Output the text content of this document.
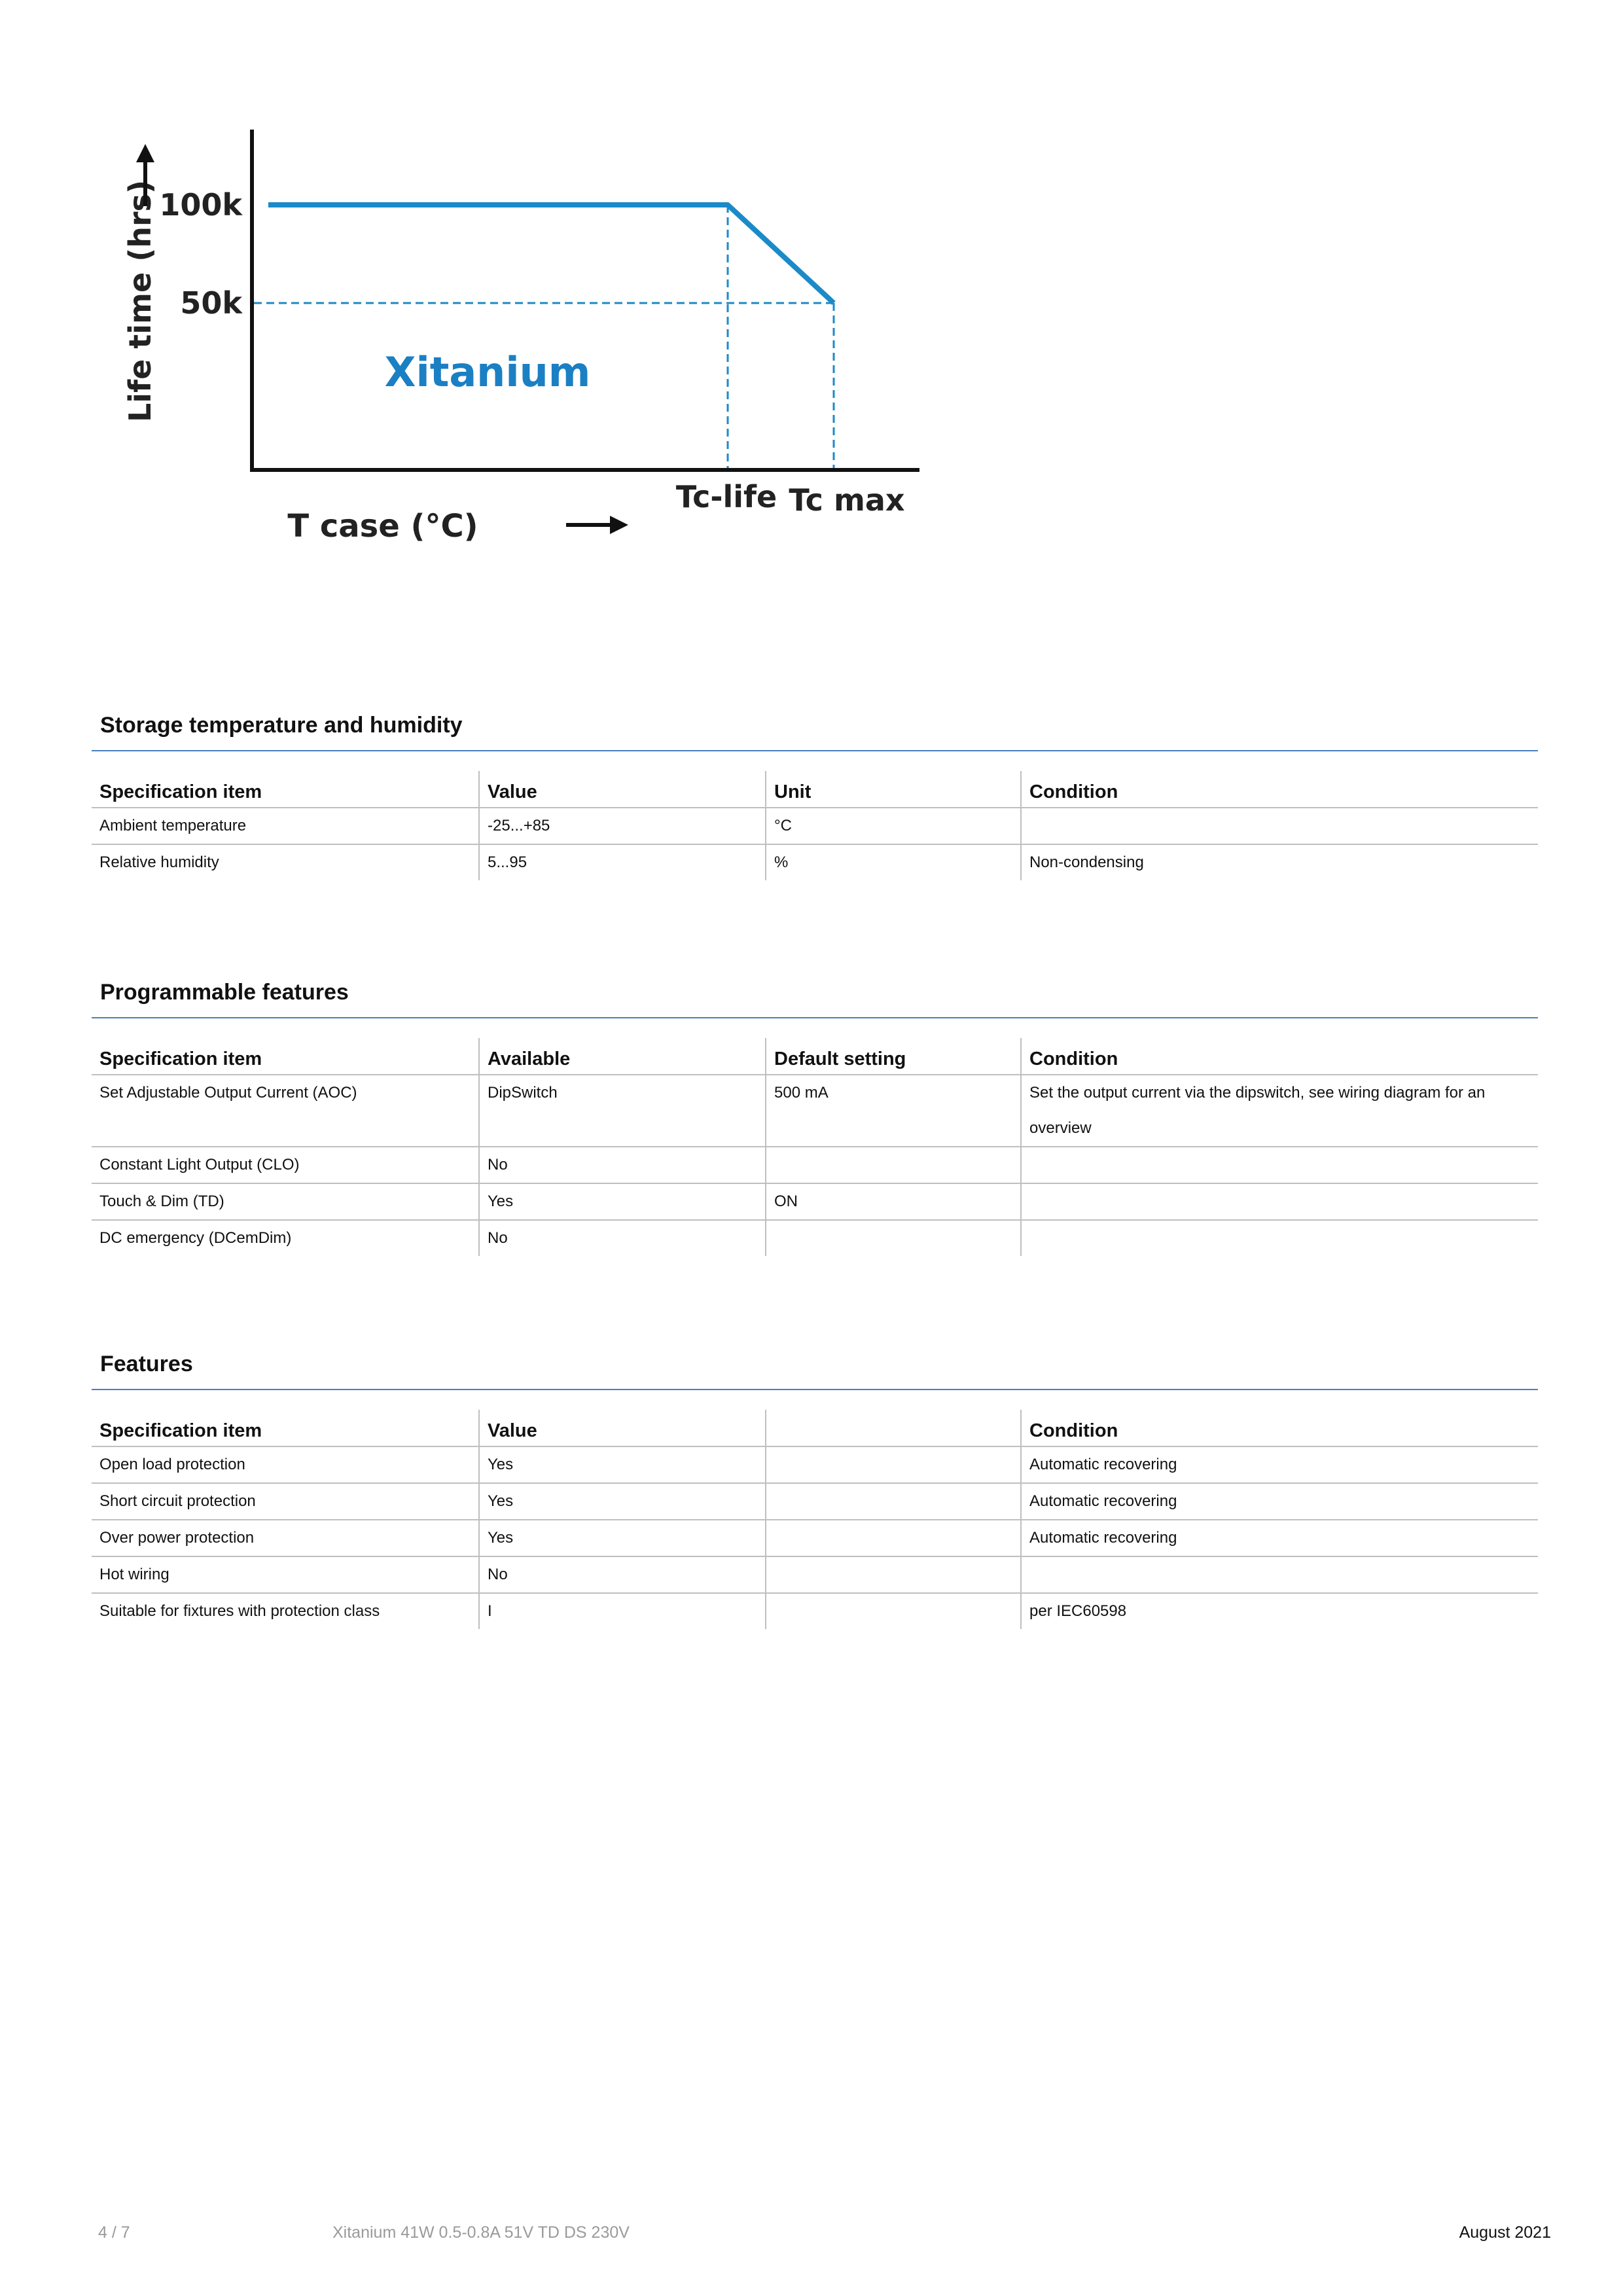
Life time (hrs) 100k
50k
Xitanium
Tc-life Tc max
T case (°C)
Storage temperature and humidity
Specification item	Value	Unit	Condition
Ambient temperature	-25...+85	°C	
Relative humidity	5...95	%	Non-condensing
Programmable features
Specification item	Available	Default setting	Condition
Set Adjustable Output Current (AOC)	DipSwitch	500 mA	Set the output current via the dipswitch, see wiring diagram for an overview
Constant Light Output (CLO)	No		
Touch & Dim (TD)	Yes	ON	
DC emergency (DCemDim)	No		
Features
Specification item	Value		Condition
Open load protection	Yes		Automatic recovering
Short circuit protection	Yes		Automatic recovering
Over power protection	Yes		Automatic recovering
Hot wiring	No		
Suitable for fixtures with protection class	I		per IEC60598
4 / 7	Xitanium 41W 0.5-0.8A 51V TD DS 230V	August 2021
